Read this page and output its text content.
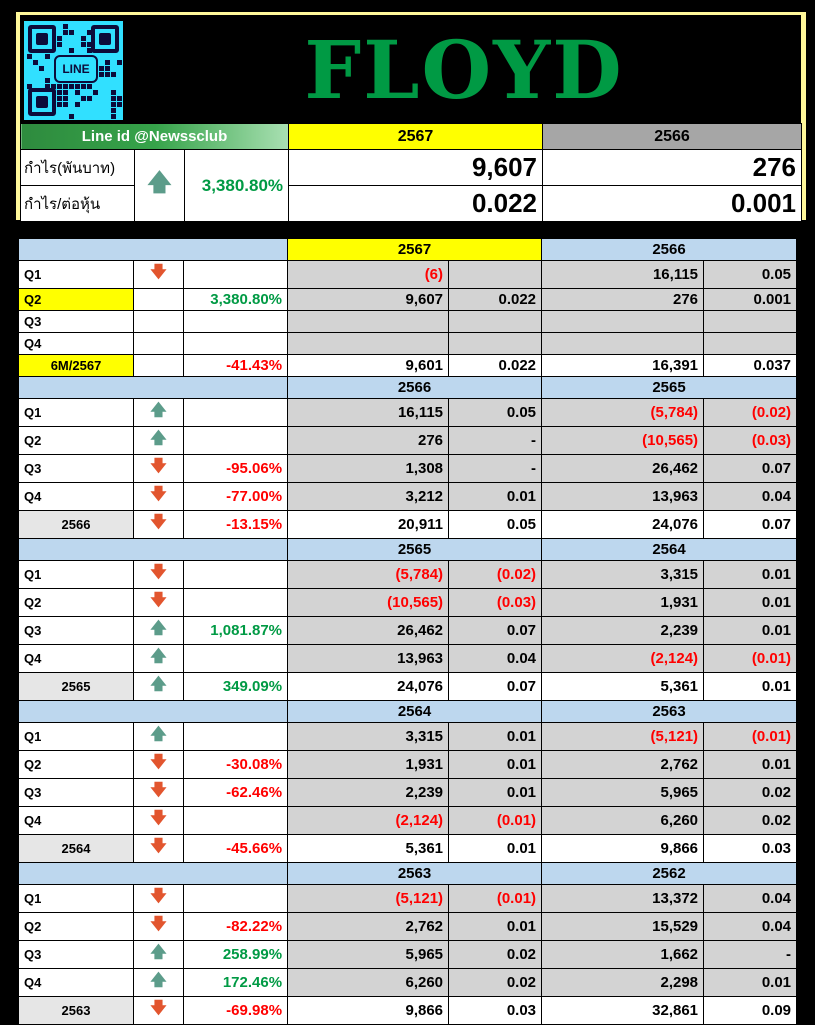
LINE	FLOYD
Line id @Newssclub			2567	2566
กำไร(พันบาท)	🡅	3,380.80%	9,607	276
กำไร/ต่อหุ้น			0.022	0.001
			2567		2566	
Q1	🡇		(6)		16,115	0.05
Q2		3,380.80%	9,607	0.022	276	0.001
Q3						
Q4						
6M/2567		-41.43%	9,601	0.022	16,391	0.037
			2566		2565	
Q1	🡅		16,115	0.05	(5,784)	(0.02)
Q2	🡅		276	-	(10,565)	(0.03)
Q3	🡇	-95.06%	1,308	-	26,462	0.07
Q4	🡇	-77.00%	3,212	0.01	13,963	0.04
2566	🡇	-13.15%	20,911	0.05	24,076	0.07
			2565		2564	
Q1	🡇		(5,784)	(0.02)	3,315	0.01
Q2	🡇		(10,565)	(0.03)	1,931	0.01
Q3	🡅	1,081.87%	26,462	0.07	2,239	0.01
Q4	🡅		13,963	0.04	(2,124)	(0.01)
2565	🡅	349.09%	24,076	0.07	5,361	0.01
			2564		2563	
Q1	🡅		3,315	0.01	(5,121)	(0.01)
Q2	🡇	-30.08%	1,931	0.01	2,762	0.01
Q3	🡇	-62.46%	2,239	0.01	5,965	0.02
Q4	🡇		(2,124)	(0.01)	6,260	0.02
2564	🡇	-45.66%	5,361	0.01	9,866	0.03
			2563		2562	
Q1	🡇		(5,121)	(0.01)	13,372	0.04
Q2	🡇	-82.22%	2,762	0.01	15,529	0.04
Q3	🡅	258.99%	5,965	0.02	1,662	-
Q4	🡅	172.46%	6,260	0.02	2,298	0.01
2563	🡇	-69.98%	9,866	0.03	32,861	0.09
